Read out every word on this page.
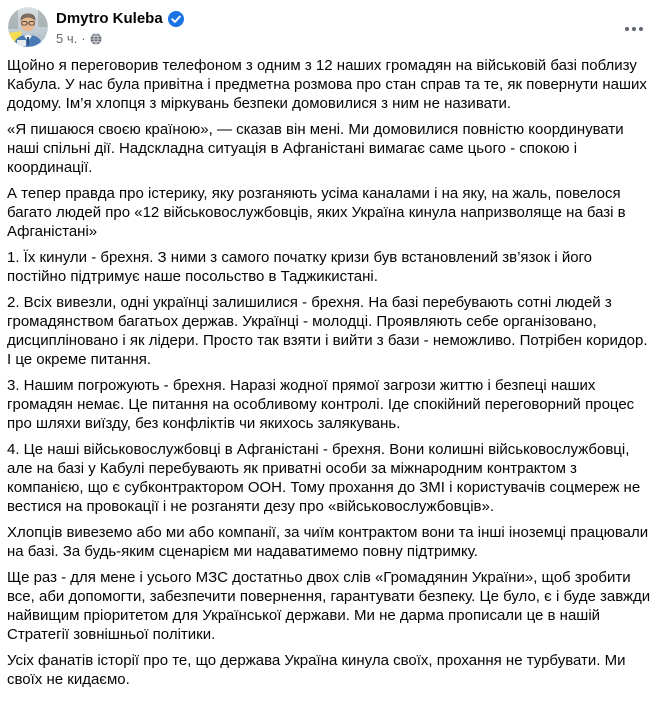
Dmytro Kuleba
5 ч. ·

Щойно я переговорив телефоном з одним з 12 наших громадян на військовій базі поблизу Кабула. У нас була привітна і предметна розмова про стан справ та те, як повернути наших додому. Ім’я хлопця з міркувань безпеки домовилися з ним не називати.

«Я пишаюся своєю країною», — сказав він мені. Ми домовилися повністю координувати наші спільні дії. Надскладна ситуація в Афганістані вимагає саме цього - спокою і координації.

А тепер правда про істерику, яку розганяють усіма каналами і на яку, на жаль, повелося багато людей про «12 військовослужбовців, яких Україна кинула напризволяще на базі в Афганістані»

1. Їх кинули - брехня. З ними з самого початку кризи був встановлений зв’язок і його постійно підтримує наше посольство в Таджикистані.

2. Всіх вивезли, одні українці залишилися - брехня. На базі перебувають сотні людей з громадянством багатьох держав. Українці - молодці. Проявляють себе організовано, дисципліновано і як лідери. Просто так взяти і вийти з бази - неможливо. Потрібен коридор. І це окреме питання.

3. Нашим погрожують - брехня. Наразі жодної прямої загрози життю і безпеці наших громадян немає. Це питання на особливому контролі. Іде спокійний переговорний процес про шляхи виїзду, без конфліктів чи якихось залякувань.

4. Це наші військовослужбовці в Афганістані - брехня. Вони колишні військовослужбовці, але на базі у Кабулі перебувають як приватні особи за міжнародним контрактом з компанією, що є субконтрактором ООН. Тому прохання до ЗМІ і користувачів соцмереж не вестися на провокації і не розганяти дезу про «військовослужбовців».

Хлопців вивеземо або ми або компанії, за чиїм контрактом вони та інші іноземці працювали на базі. За будь-яким сценарієм ми надаватимемо повну підтримку.

Ще раз - для мене і усього МЗС достатньо двох слів «Громадянин України», щоб зробити все, аби допомогти, забезпечити повернення, гарантувати безпеку. Це було, є і буде завжди найвищим пріоритетом для Української держави. Ми не дарма прописали це в нашій Стратегії зовнішньої політики.

Усіх фанатів історії про те, що держава Україна кинула своїх, прохання не турбувати. Ми своїх не кидаємо.
